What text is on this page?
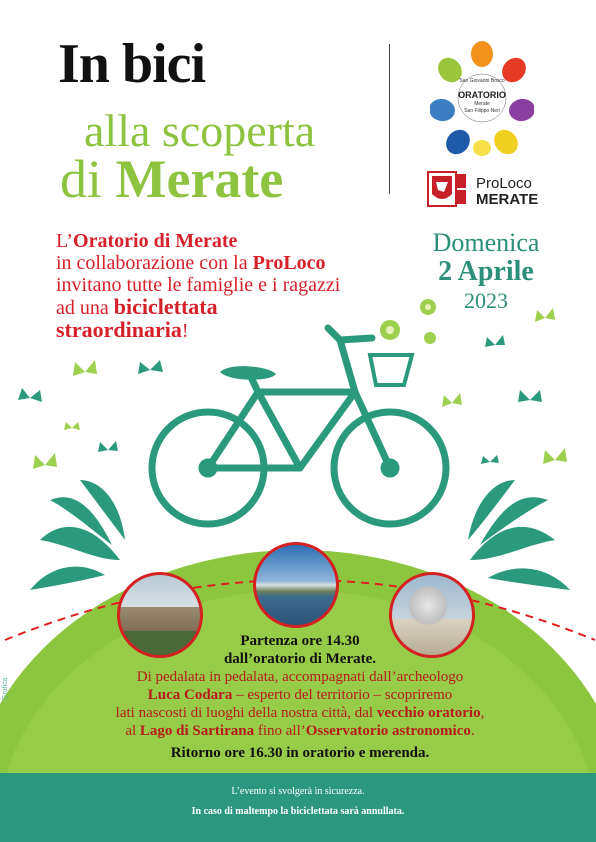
In bici
alla scoperta
di Merate
San Giovanni Bosco
ORATORIO
Merate
San Filippo Neri
ProLoco
MERATE
L’Oratorio di Merate
in collaborazione con la ProLoco
invitano tutte le famiglie e i ragazzi
ad una biciclettata
straordinaria!
Domenica
2 Aprile
2023
Partenza ore 14.30
dall’oratorio di Merate.
Di pedalata in pedalata, accompagnati dall’archeologo
Luca Codara – esperto del territorio – scopriremo
lati nascosti di luoghi della nostra città, dal vecchio oratorio,
al Lago di Sartirana fino all’Osservatorio astronomico.
Ritorno ore 16.30 in oratorio e merenda.
Grafica
L’evento si svolgerà in sicurezza.
In caso di maltempo la biciclettata sarà annullata.
